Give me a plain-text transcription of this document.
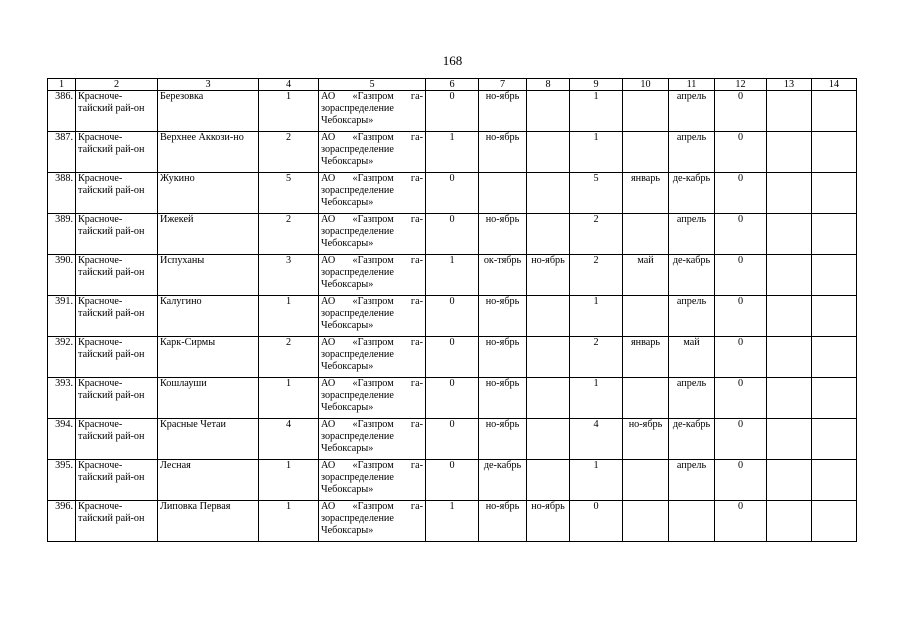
168
1	2	3	4	5	6	7	8	9	10	11	12	13	14
386.	Красноче-тайский рай-он	Березовка	1	АО «Газпром га-зораспределение Чебоксары»	0	но-ябрь		1		апрель	0		
387.	Красноче-тайский рай-он	Верхнее Аккози-но	2	АО «Газпром га-зораспределение Чебоксары»	1	но-ябрь		1		апрель	0		
388.	Красноче-тайский рай-он	Жукино	5	АО «Газпром га-зораспределение Чебоксары»	0			5	январь	де-кабрь	0		
389.	Красноче-тайский рай-он	Ижекей	2	АО «Газпром га-зораспределение Чебоксары»	0	но-ябрь		2		апрель	0		
390.	Красноче-тайский рай-он	Испуханы	3	АО «Газпром га-зораспределение Чебоксары»	1	ок-тябрь	но-ябрь	2	май	де-кабрь	0		
391.	Красноче-тайский рай-он	Калугино	1	АО «Газпром га-зораспределение Чебоксары»	0	но-ябрь		1		апрель	0		
392.	Красноче-тайский рай-он	Карк-Сирмы	2	АО «Газпром га-зораспределение Чебоксары»	0	но-ябрь		2	январь	май	0		
393.	Красноче-тайский рай-он	Кошлауши	1	АО «Газпром га-зораспределение Чебоксары»	0	но-ябрь		1		апрель	0		
394.	Красноче-тайский рай-он	Красные Четаи	4	АО «Газпром га-зораспределение Чебоксары»	0	но-ябрь		4	но-ябрь	де-кабрь	0		
395.	Красноче-тайский рай-он	Лесная	1	АО «Газпром га-зораспределение Чебоксары»	0	де-кабрь		1		апрель	0		
396.	Красноче-тайский рай-он	Липовка Первая	1	АО «Газпром га-зораспределение Чебоксары»	1	но-ябрь	но-ябрь	0			0		
